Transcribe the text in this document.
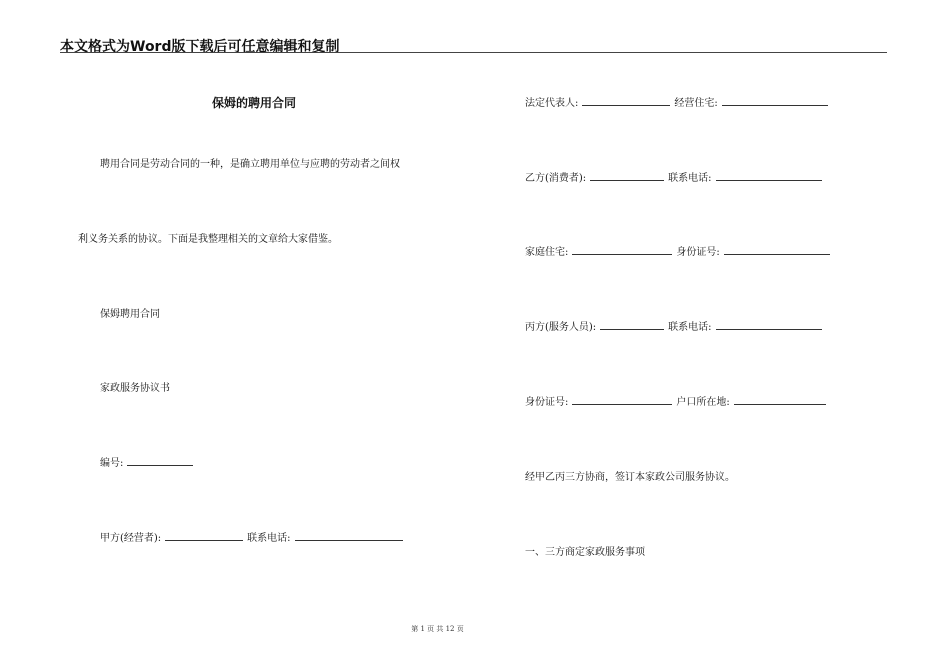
本文格式为Word版下载后可任意编辑和复制
保姆的聘用合同
聘用合同是劳动合同的一种，是确立聘用单位与应聘的劳动者之间权
利义务关系的协议。下面是我整理相关的文章给大家借鉴。
保姆聘用合同
家政服务协议书
编号:
甲方(经营者):	联系电话:
法定代表人:	经营住宅:
乙方(消费者):	联系电话:
家庭住宅:	身份证号:
丙方(服务人员):	联系电话:
身份证号:	户口所在地:
经甲乙丙三方协商，签订本家政公司服务协议。
一、三方商定家政服务事项
第 1 页 共 12 页
